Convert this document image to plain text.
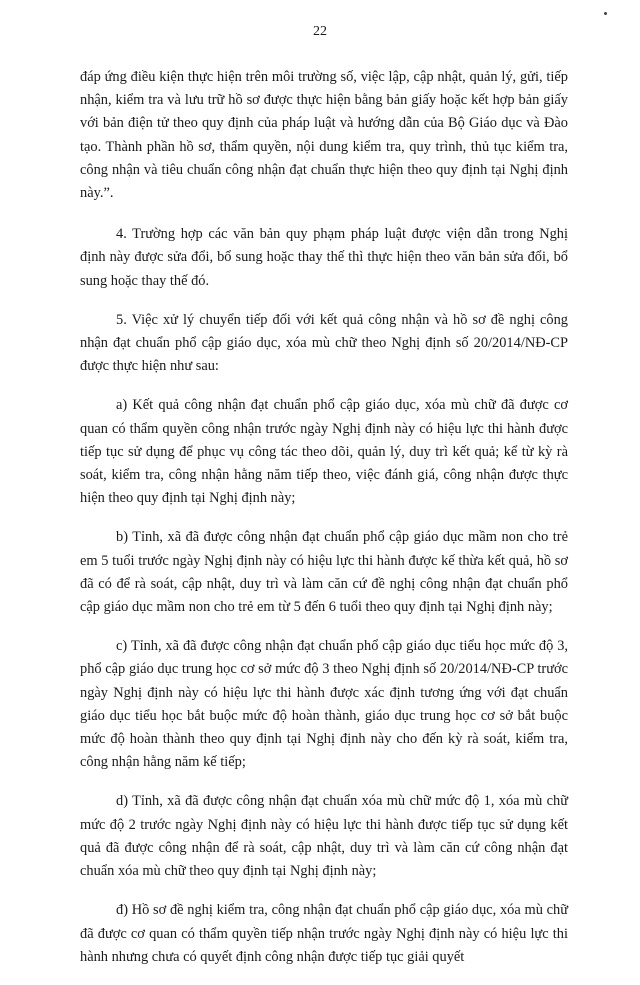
22

đáp ứng điều kiện thực hiện trên môi trường số, việc lập, cập nhật, quản lý, gửi, tiếp nhận, kiểm tra và lưu trữ hồ sơ được thực hiện bằng bản giấy hoặc kết hợp bản giấy với bản điện tử theo quy định của pháp luật và hướng dẫn của Bộ Giáo dục và Đào tạo. Thành phần hồ sơ, thẩm quyền, nội dung kiểm tra, quy trình, thủ tục kiểm tra, công nhận và tiêu chuẩn công nhận đạt chuẩn thực hiện theo quy định tại Nghị định này.”.

4. Trường hợp các văn bản quy phạm pháp luật được viện dẫn trong Nghị định này được sửa đổi, bổ sung hoặc thay thế thì thực hiện theo văn bản sửa đổi, bổ sung hoặc thay thế đó.

5. Việc xử lý chuyển tiếp đối với kết quả công nhận và hồ sơ đề nghị công nhận đạt chuẩn phổ cập giáo dục, xóa mù chữ theo Nghị định số 20/2014/NĐ-CP được thực hiện như sau:

a) Kết quả công nhận đạt chuẩn phổ cập giáo dục, xóa mù chữ đã được cơ quan có thẩm quyền công nhận trước ngày Nghị định này có hiệu lực thi hành được tiếp tục sử dụng để phục vụ công tác theo dõi, quản lý, duy trì kết quả; kể từ kỳ rà soát, kiểm tra, công nhận hằng năm tiếp theo, việc đánh giá, công nhận được thực hiện theo quy định tại Nghị định này;

b) Tỉnh, xã đã được công nhận đạt chuẩn phổ cập giáo dục mầm non cho trẻ em 5 tuổi trước ngày Nghị định này có hiệu lực thi hành được kế thừa kết quả, hồ sơ đã có để rà soát, cập nhật, duy trì và làm căn cứ đề nghị công nhận đạt chuẩn phổ cập giáo dục mầm non cho trẻ em từ 5 đến 6 tuổi theo quy định tại Nghị định này;

c) Tỉnh, xã đã được công nhận đạt chuẩn phổ cập giáo dục tiểu học mức độ 3, phổ cập giáo dục trung học cơ sở mức độ 3 theo Nghị định số 20/2014/NĐ-CP trước ngày Nghị định này có hiệu lực thi hành được xác định tương ứng với đạt chuẩn giáo dục tiểu học bắt buộc mức độ hoàn thành, giáo dục trung học cơ sở bắt buộc mức độ hoàn thành theo quy định tại Nghị định này cho đến kỳ rà soát, kiểm tra, công nhận hằng năm kế tiếp;

d) Tỉnh, xã đã được công nhận đạt chuẩn xóa mù chữ mức độ 1, xóa mù chữ mức độ 2 trước ngày Nghị định này có hiệu lực thi hành được tiếp tục sử dụng kết quả đã được công nhận để rà soát, cập nhật, duy trì và làm căn cứ công nhận đạt chuẩn xóa mù chữ theo quy định tại Nghị định này;

đ) Hồ sơ đề nghị kiểm tra, công nhận đạt chuẩn phổ cập giáo dục, xóa mù chữ đã được cơ quan có thẩm quyền tiếp nhận trước ngày Nghị định này có hiệu lực thi hành nhưng chưa có quyết định công nhận được tiếp tục giải quyết
